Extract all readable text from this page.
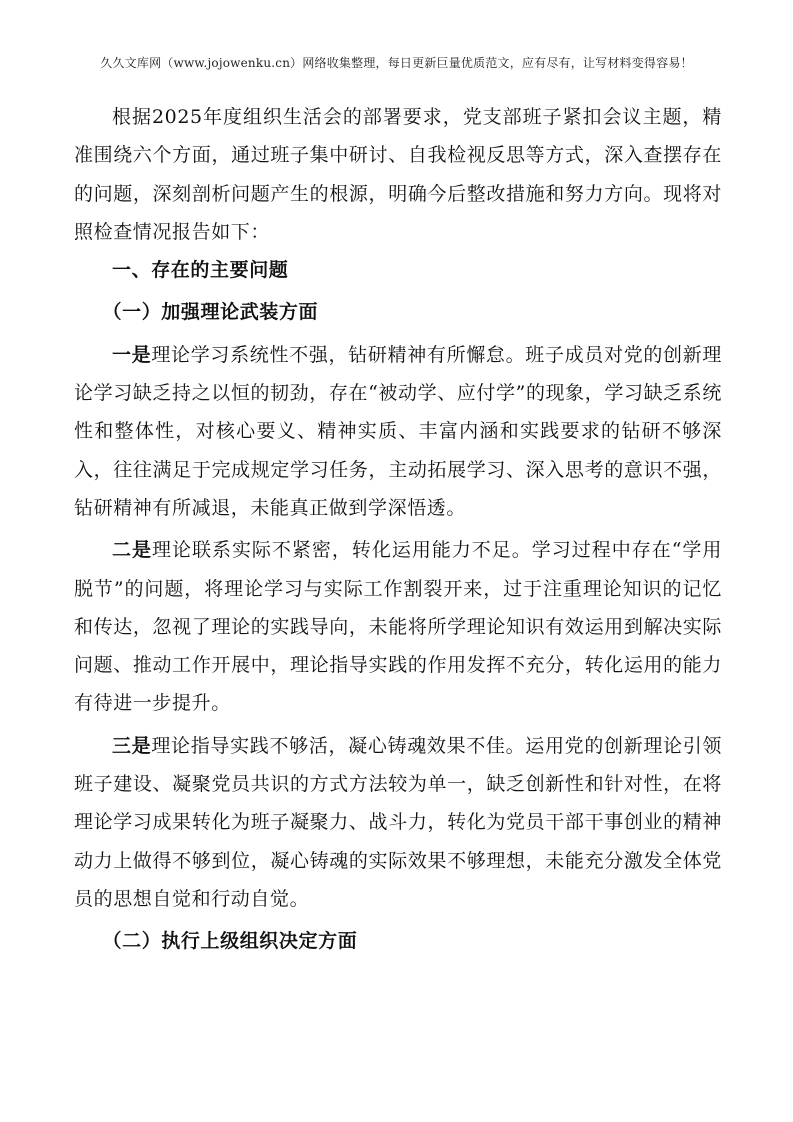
久久文库网（www.jojowenku.cn）网络收集整理，每日更新巨量优质范文，应有尽有，让写材料变得容易！

根据2025年度组织生活会的部署要求，党支部班子紧扣会议主题，精准围绕六个方面，通过班子集中研讨、自我检视反思等方式，深入查摆存在的问题，深刻剖析问题产生的根源，明确今后整改措施和努力方向。现将对照检查情况报告如下：

一、存在的主要问题

（一）加强理论武装方面

一是理论学习系统性不强，钻研精神有所懈怠。班子成员对党的创新理论学习缺乏持之以恒的韧劲，存在“被动学、应付学”的现象，学习缺乏系统性和整体性，对核心要义、精神实质、丰富内涵和实践要求的钻研不够深入，往往满足于完成规定学习任务，主动拓展学习、深入思考的意识不强，钻研精神有所减退，未能真正做到学深悟透。

二是理论联系实际不紧密，转化运用能力不足。学习过程中存在“学用脱节”的问题，将理论学习与实际工作割裂开来，过于注重理论知识的记忆和传达，忽视了理论的实践导向，未能将所学理论知识有效运用到解决实际问题、推动工作开展中，理论指导实践的作用发挥不充分，转化运用的能力有待进一步提升。

三是理论指导实践不够活，凝心铸魂效果不佳。运用党的创新理论引领班子建设、凝聚党员共识的方式方法较为单一，缺乏创新性和针对性，在将理论学习成果转化为班子凝聚力、战斗力，转化为党员干部干事创业的精神动力上做得不够到位，凝心铸魂的实际效果不够理想，未能充分激发全体党员的思想自觉和行动自觉。

（二）执行上级组织决定方面
